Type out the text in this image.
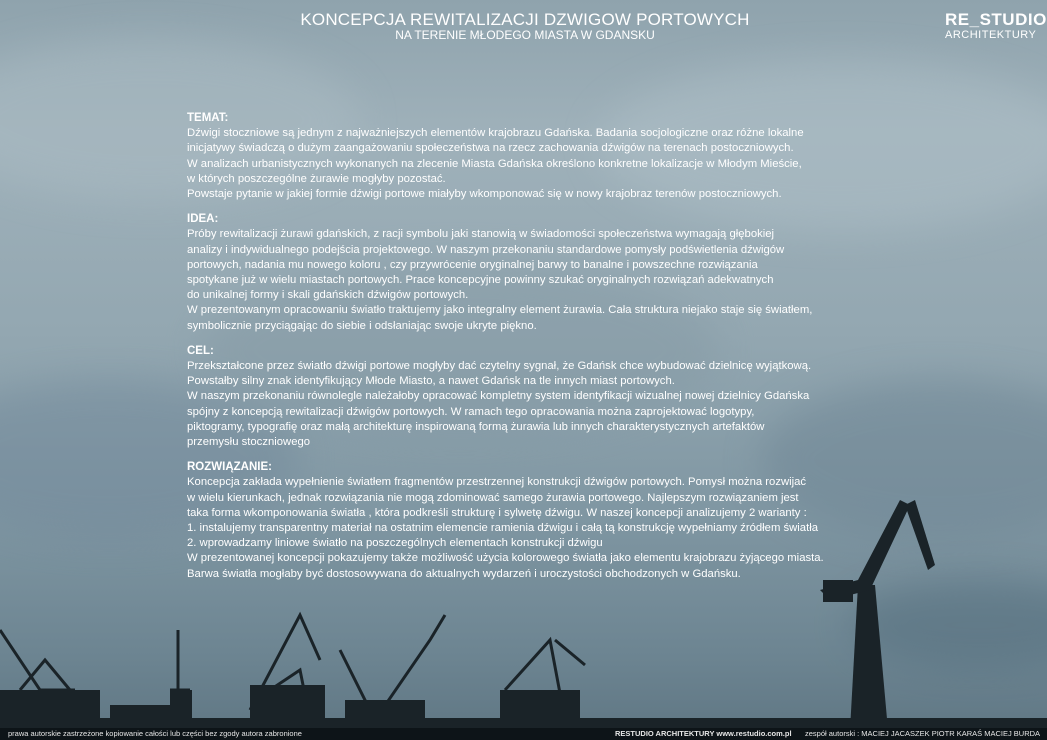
KONCEPCJA REWITALIZACJI DZWIGOW PORTOWYCH
NA TERENIE MŁODEGO MIASTA W GDANSKU
RE_STUDIO
ARCHITEKTURY
TEMAT:
Dźwigi stoczniowe są jednym z najważniejszych elementów krajobrazu Gdańska. Badania socjologiczne oraz różne lokalne
inicjatywy świadczą o dużym zaangażowaniu społeczeństwa na rzecz zachowania dźwigów na terenach postoczniowych.
W analizach urbanistycznych wykonanych na zlecenie Miasta Gdańska określono konkretne lokalizacje w Młodym Mieście,
w których poszczególne żurawie mogłyby pozostać.
Powstaje pytanie w jakiej formie dźwigi portowe miałyby wkomponować się w nowy krajobraz terenów postoczniowych.
IDEA:
Próby rewitalizacji żurawi gdańskich, z racji symbolu jaki stanowią w świadomości społeczeństwa wymagają głębokiej
analizy i indywidualnego podejścia projektowego. W naszym przekonaniu standardowe pomysły podświetlenia dźwigów
portowych, nadania mu nowego koloru , czy przywrócenie oryginalnej barwy to banalne i powszechne rozwiązania
spotykane już w wielu miastach portowych. Prace koncepcyjne powinny szukać oryginalnych rozwiązań adekwatnych
do unikalnej formy i skali gdańskich dźwigów portowych.
W prezentowanym opracowaniu światło traktujemy jako integralny element żurawia. Cała struktura niejako staje się światłem,
symbolicznie przyciągając do siebie i odsłaniając swoje ukryte piękno.
CEL:
Przekształcone przez światło dźwigi portowe mogłyby dać czytelny sygnał, że Gdańsk chce wybudować dzielnicę wyjątkową.
Powstałby silny znak identyfikujący Młode Miasto, a nawet Gdańsk na tle innych miast portowych.
W naszym przekonaniu równolegle należałoby opracować kompletny system identyfikacji wizualnej nowej dzielnicy Gdańska
spójny z koncepcją rewitalizacji dźwigów portowych. W ramach tego opracowania można zaprojektować logotypy,
piktogramy, typografię oraz małą architekturę inspirowaną formą żurawia lub innych charakterystycznych artefaktów
przemysłu stoczniowego
ROZWIĄZANIE:
Koncepcja zakłada wypełnienie światłem fragmentów przestrzennej konstrukcji dźwigów portowych. Pomysł można rozwijać
w wielu kierunkach, jednak rozwiązania nie mogą zdominować samego żurawia portowego. Najlepszym rozwiązaniem jest
taka forma wkomponowania światła , która podkreśli strukturę i sylwetę dźwigu. W naszej koncepcji analizujemy 2 warianty :
1. instalujemy transparentny materiał na ostatnim elemencie ramienia dźwigu i całą tą konstrukcję wypełniamy źródłem światła
2. wprowadzamy liniowe światło na poszczególnych elementach konstrukcji dźwigu
W prezentowanej koncepcji pokazujemy także możliwość użycia kolorowego światła jako elementu krajobrazu żyjącego miasta.
Barwa światła mogłaby być dostosowywana do aktualnych wydarzeń i uroczystości obchodzonych w Gdańsku.
prawa autorskie zastrzeżone kopiowanie całości lub części bez zgody autora zabronione	RESTUDIO ARCHITEKTURY www.restudio.com.pl zespół autorski : MACIEJ JACASZEK PIOTR KARAŚ MACIEJ BURDA
